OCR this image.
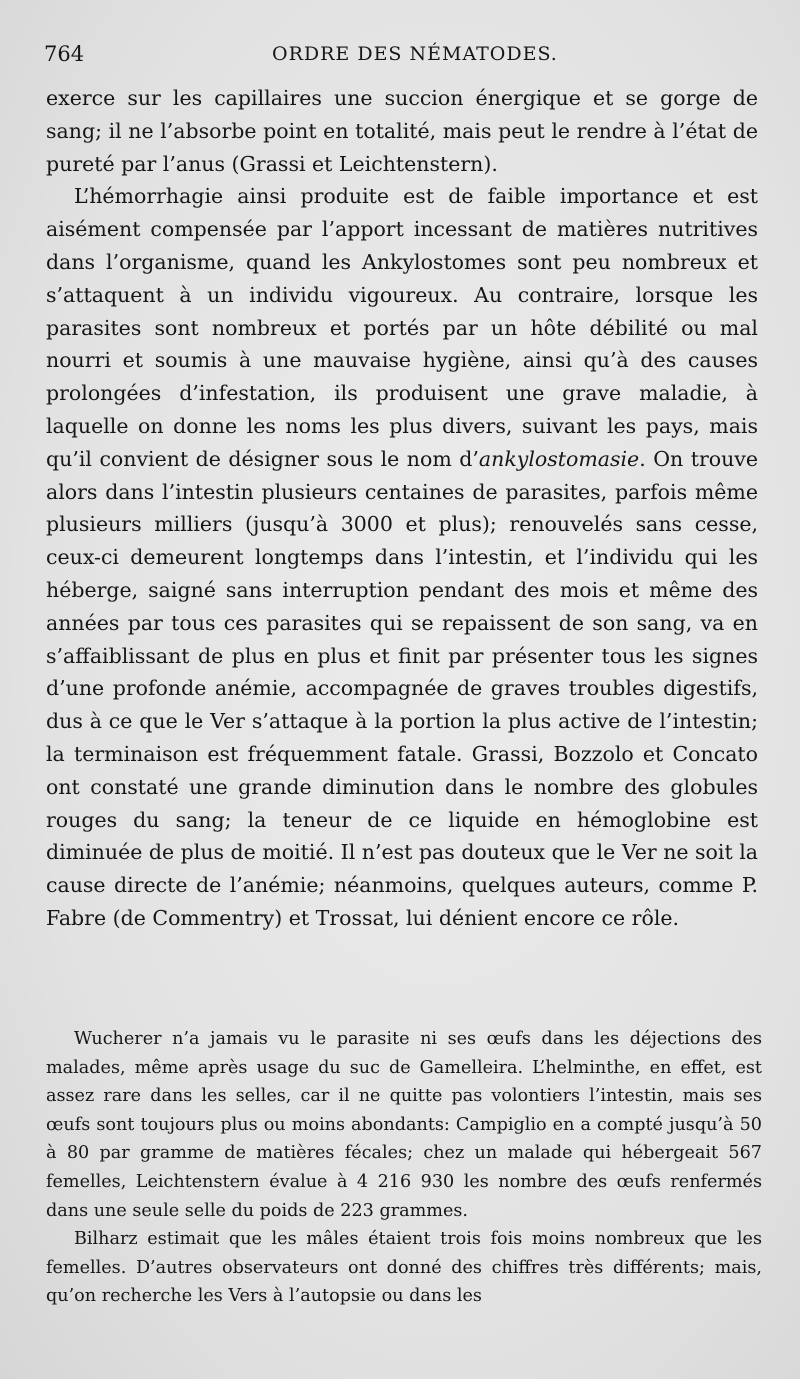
764	ORDRE DES NÉMATODES.

exerce sur les capillaires une succion énergique et se gorge de sang; il ne l’absorbe point en totalité, mais peut le rendre à l’état de pureté par l’anus (Grassi et Leichtenstern).

L’hémorrhagie ainsi produite est de faible importance et est aisément compensée par l’apport incessant de matières nutritives dans l’organisme, quand les Ankylostomes sont peu nombreux et s’attaquent à un individu vigoureux. Au contraire, lorsque les parasites sont nombreux et portés par un hôte débilité ou mal nourri et soumis à une mauvaise hygiène, ainsi qu’à des causes prolongées d’infestation, ils produisent une grave maladie, à laquelle on donne les noms les plus divers, suivant les pays, mais qu’il convient de désigner sous le nom d’ankylostomasie. On trouve alors dans l’intestin plusieurs centaines de parasites, parfois même plusieurs milliers (jusqu’à 3000 et plus); renouvelés sans cesse, ceux-ci demeurent longtemps dans l’intestin, et l’individu qui les héberge, saigné sans interruption pendant des mois et même des années par tous ces parasites qui se repaissent de son sang, va en s’affaiblissant de plus en plus et finit par présenter tous les signes d’une profonde anémie, accompagnée de graves troubles digestifs, dus à ce que le Ver s’attaque à la portion la plus active de l’intestin; la terminaison est fréquemment fatale. Grassi, Bozzolo et Concato ont constaté une grande diminution dans le nombre des globules rouges du sang; la teneur de ce liquide en hémoglobine est diminuée de plus de moitié. Il n’est pas douteux que le Ver ne soit la cause directe de l’anémie; néanmoins, quelques auteurs, comme P. Fabre (de Commentry) et Trossat, lui dénient encore ce rôle.

Wucherer n’a jamais vu le parasite ni ses œufs dans les déjections des malades, même après usage du suc de Gamelleira. L’helminthe, en effet, est assez rare dans les selles, car il ne quitte pas volontiers l’intestin, mais ses œufs sont toujours plus ou moins abondants: Campiglio en a compté jusqu’à 50 à 80 par gramme de matières fécales; chez un malade qui hébergeait 567 femelles, Leichtenstern évalue à 4 216 930 les nombre des œufs renfermés dans une seule selle du poids de 223 grammes.

Bilharz estimait que les mâles étaient trois fois moins nombreux que les femelles. D’autres observateurs ont donné des chiffres très différents; mais, qu’on recherche les Vers à l’autopsie ou dans les
